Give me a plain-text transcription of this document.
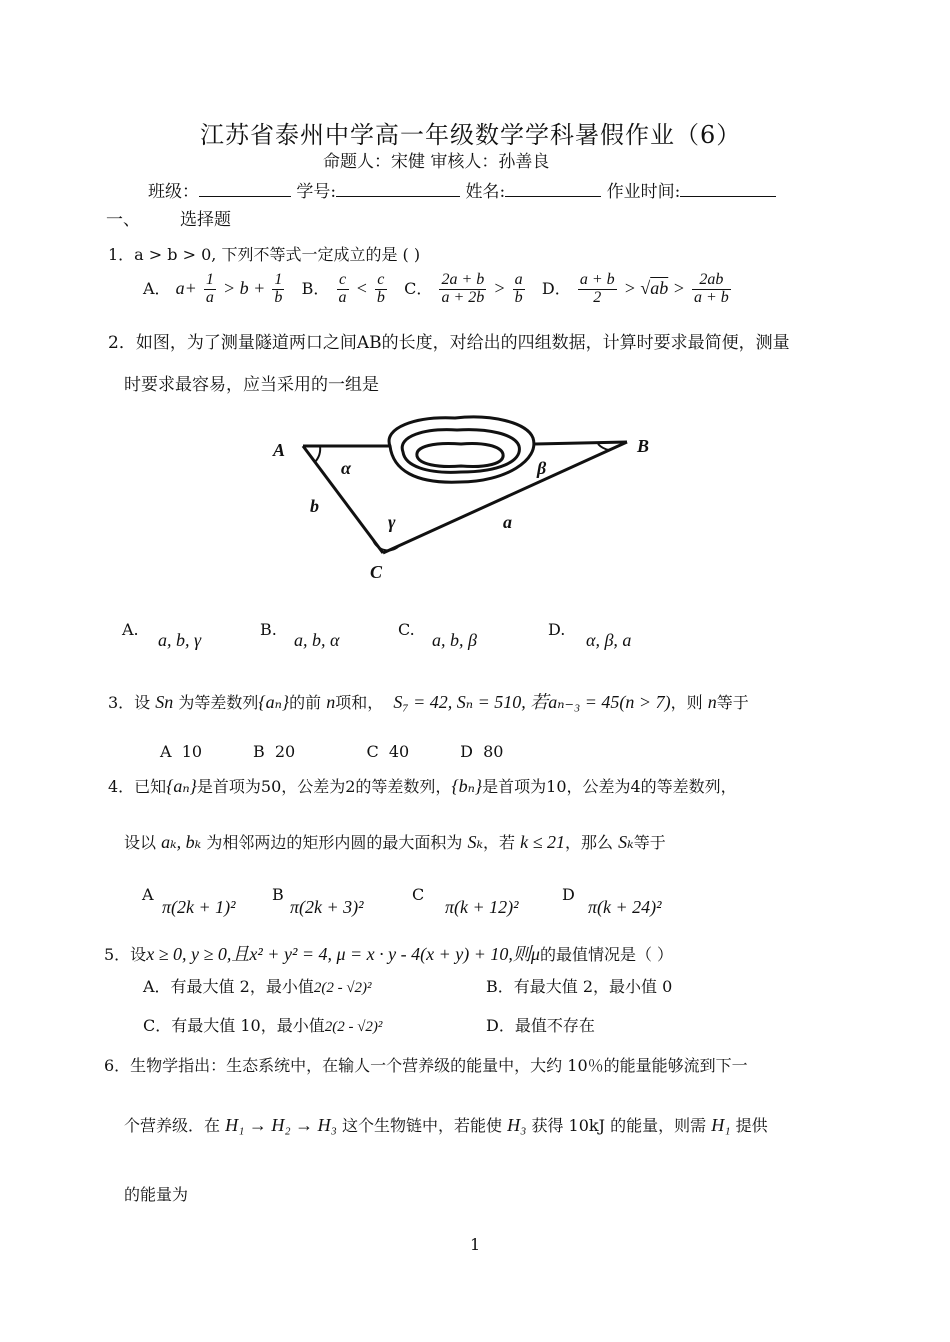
江苏省泰州中学高一年级数学学科暑假作业（6）
命题人：宋健 审核人：孙善良
班级：	学号:	姓名:	作业时间:
一、 选择题
1．a > b > 0, 下列不等式一定成立的是 ( )
A． $a+ \frac{1}{a} > b + \frac{1}{b}$ B． $\frac{c}{a} < \frac{c}{b}$ C． $\frac{2a + b}{a + 2b} > \frac{a}{b}$ D． $\frac{a + b}{2} > √ab > \frac{2ab}{a + b}$
2．如图，为了测量隧道两口之间AB的长度，对给出的四组数据，计算时要求最简便，测量
时要求最容易，应当采用的一组是
A	B
C
α	β
γ	a
b
A.
a, b, γ
B.
a, b, α
C.
a, b, β
D.
α, β, a
3．设 Sn 为等差数列{aₙ}的前 n项和， S₇ = 42, Sₙ = 510, 若aₙ₋₃ = 45(n > 7)，则 n等于
A  10          B  20              C  40          D  80
4．已知{aₙ}是首项为50，公差为2的等差数列，{bₙ}是首项为10，公差为4的等差数列，
设以 aₖ, bₖ 为相邻两边的矩形内圆的最大面积为 Sₖ，若 k ≤ 21，那么 Sₖ等于
A
π(2k + 1)²
B
π(2k + 3)²
C
π(k + 12)²
D
π(k + 24)²
5．设x ≥ 0, y ≥ 0,且x² + y² = 4, μ = x · y - 4(x + y) + 10,则μ的最值情况是（ ）
A．有最大值 2，最小值2(2 - √2)²	B．有最大值 2，最小值 0
C．有最大值 10，最小值2(2 - √2)²	D．最值不存在
6．生物学指出：生态系统中，在输人一个营养级的能量中，大约 10％的能量能够流到下一
个营养级．在 H₁ → H₂ → H₃ 这个生物链中，若能使 H₃ 获得 10kJ 的能量，则需 H₁ 提供
的能量为
1
